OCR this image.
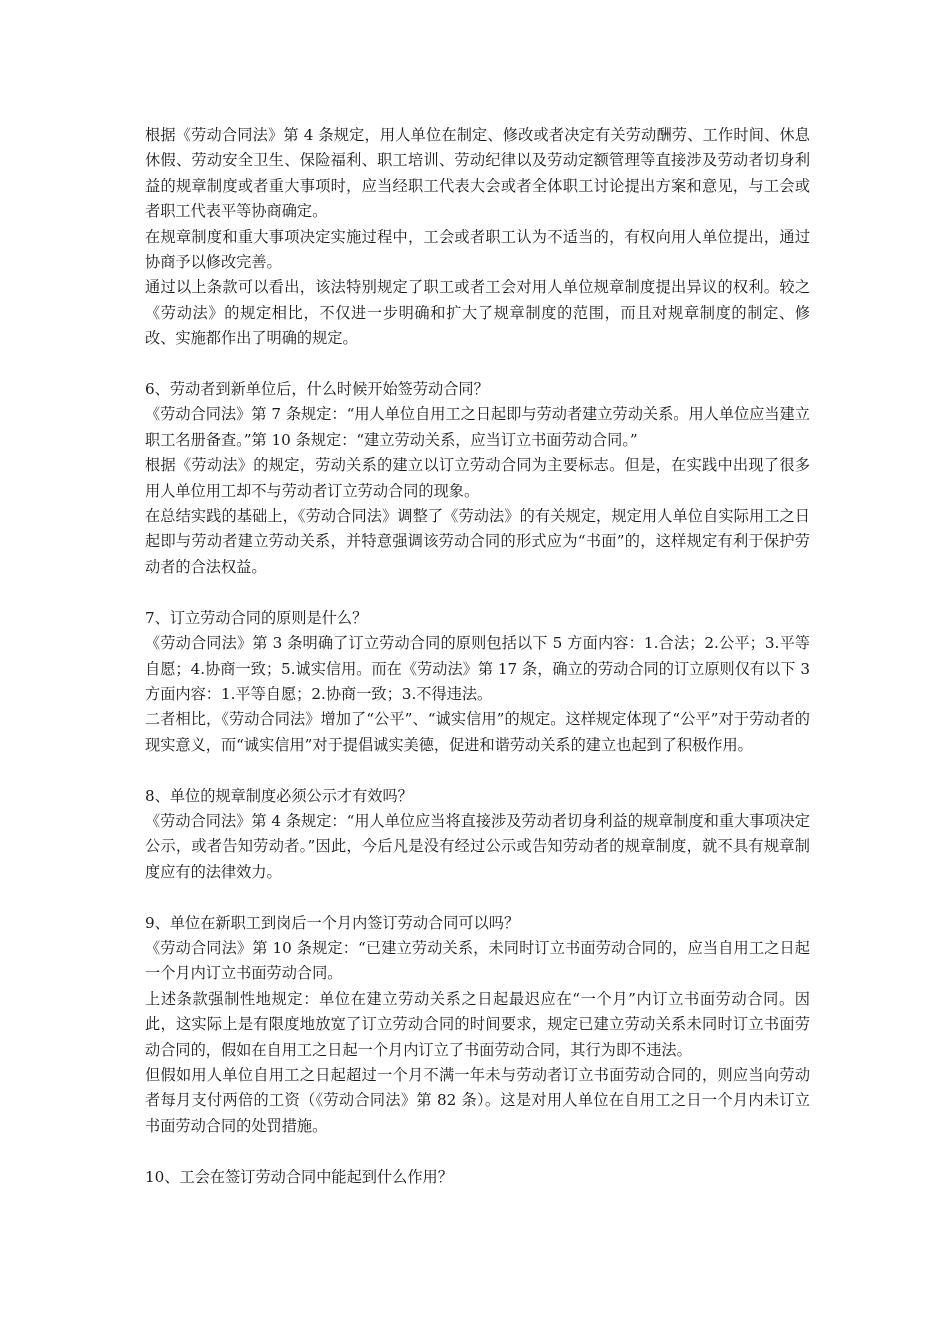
根据《劳动合同法》第 4 条规定，用人单位在制定、修改或者决定有关劳动酬劳、工作时间、休息休假、劳动安全卫生、保险福利、职工培训、劳动纪律以及劳动定额管理等直接涉及劳动者切身利益的规章制度或者重大事项时，应当经职工代表大会或者全体职工讨论提出方案和意见，与工会或者职工代表平等协商确定。

在规章制度和重大事项决定实施过程中，工会或者职工认为不适当的，有权向用人单位提出，通过协商予以修改完善。

通过以上条款可以看出，该法特别规定了职工或者工会对用人单位规章制度提出异议的权利。较之《劳动法》的规定相比，不仅进一步明确和扩大了规章制度的范围，而且对规章制度的制定、修改、实施都作出了明确的规定。

6、劳动者到新单位后，什么时候开始签劳动合同？

《劳动合同法》第 7 条规定：“用人单位自用工之日起即与劳动者建立劳动关系。用人单位应当建立职工名册备查。”第 10 条规定：“建立劳动关系，应当订立书面劳动合同。”

根据《劳动法》的规定，劳动关系的建立以订立劳动合同为主要标志。但是，在实践中出现了很多用人单位用工却不与劳动者订立劳动合同的现象。

在总结实践的基础上，《劳动合同法》调整了《劳动法》的有关规定，规定用人单位自实际用工之日起即与劳动者建立劳动关系，并特意强调该劳动合同的形式应为“书面”的，这样规定有利于保护劳动者的合法权益。

7、订立劳动合同的原则是什么？

《劳动合同法》第 3 条明确了订立劳动合同的原则包括以下 5 方面内容：1.合法；2.公平；3.平等自愿；4.协商一致；5.诚实信用。而在《劳动法》第 17 条，确立的劳动合同的订立原则仅有以下 3 方面内容：1.平等自愿；2.协商一致；3.不得违法。

二者相比，《劳动合同法》增加了“公平”、“诚实信用”的规定。这样规定体现了“公平”对于劳动者的现实意义，而“诚实信用”对于提倡诚实美德，促进和谐劳动关系的建立也起到了积极作用。

8、单位的规章制度必须公示才有效吗？

《劳动合同法》第 4 条规定：“用人单位应当将直接涉及劳动者切身利益的规章制度和重大事项决定公示，或者告知劳动者。”因此，今后凡是没有经过公示或告知劳动者的规章制度，就不具有规章制度应有的法律效力。

9、单位在新职工到岗后一个月内签订劳动合同可以吗？

《劳动合同法》第 10 条规定：“已建立劳动关系，未同时订立书面劳动合同的，应当自用工之日起一个月内订立书面劳动合同。

上述条款强制性地规定：单位在建立劳动关系之日起最迟应在“一个月”内订立书面劳动合同。因此，这实际上是有限度地放宽了订立劳动合同的时间要求，规定已建立劳动关系未同时订立书面劳动合同的，假如在自用工之日起一个月内订立了书面劳动合同，其行为即不违法。

但假如用人单位自用工之日起超过一个月不满一年未与劳动者订立书面劳动合同的，则应当向劳动者每月支付两倍的工资（《劳动合同法》第 82 条）。这是对用人单位在自用工之日一个月内未订立书面劳动合同的处罚措施。

10、工会在签订劳动合同中能起到什么作用？
